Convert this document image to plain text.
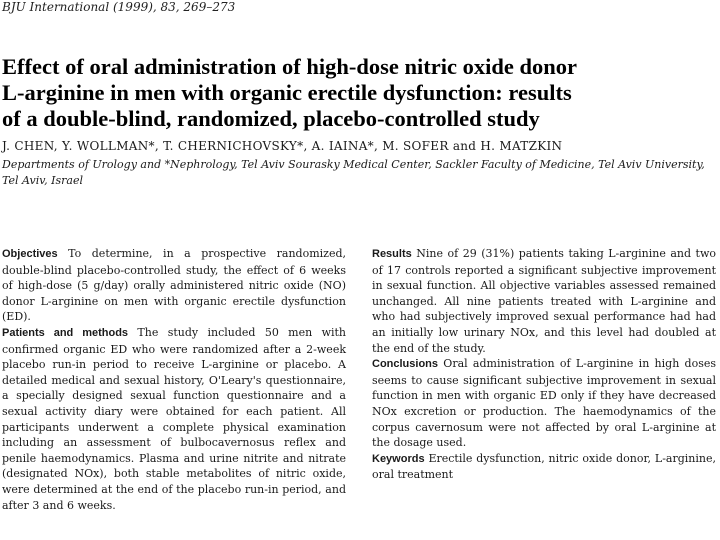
BJU International (1999), 83, 269–273
Effect of oral administration of high-dose nitric oxide donor
L-arginine in men with organic erectile dysfunction: results
of a double-blind, randomized, placebo-controlled study
J. CHEN, Y. WOLLMAN*, T. CHERNICHOVSKY*, A. IAINA*, M. SOFER and H. MATZKIN
Departments of Urology and *Nephrology, Tel Aviv Sourasky Medical Center, Sackler Faculty of Medicine, Tel Aviv University,
Tel Aviv, Israel

Objectives To determine, in a prospective randomized, double-blind placebo-controlled study, the effect of 6 weeks of high-dose (5 g/day) orally administered nitric oxide (NO) donor L-arginine on men with organic erectile dysfunction (ED).

Patients and methods The study included 50 men with confirmed organic ED who were randomized after a 2-week placebo run-in period to receive L-arginine or placebo. A detailed medical and sexual history, O'Leary's questionnaire, a specially designed sexual function questionnaire and a sexual activity diary were obtained for each patient. All participants underwent a complete physical examination including an assessment of bulbocavernosus reflex and penile haemodynamics. Plasma and urine nitrite and nitrate (designated NOx), both stable metabolites of nitric oxide, were determined at the end of the placebo run-in period, and after 3 and 6 weeks.

Results Nine of 29 (31%) patients taking L-arginine and two of 17 controls reported a significant subjective improvement in sexual function. All objective variables assessed remained unchanged. All nine patients treated with L-arginine and who had subjectively improved sexual performance had had an initially low urinary NOx, and this level had doubled at the end of the study.

Conclusions Oral administration of L-arginine in high doses seems to cause significant subjective improvement in sexual function in men with organic ED only if they have decreased NOx excretion or production. The haemodynamics of the corpus cavernosum were not affected by oral L-arginine at the dosage used.

Keywords Erectile dysfunction, nitric oxide donor, L-arginine, oral treatment
